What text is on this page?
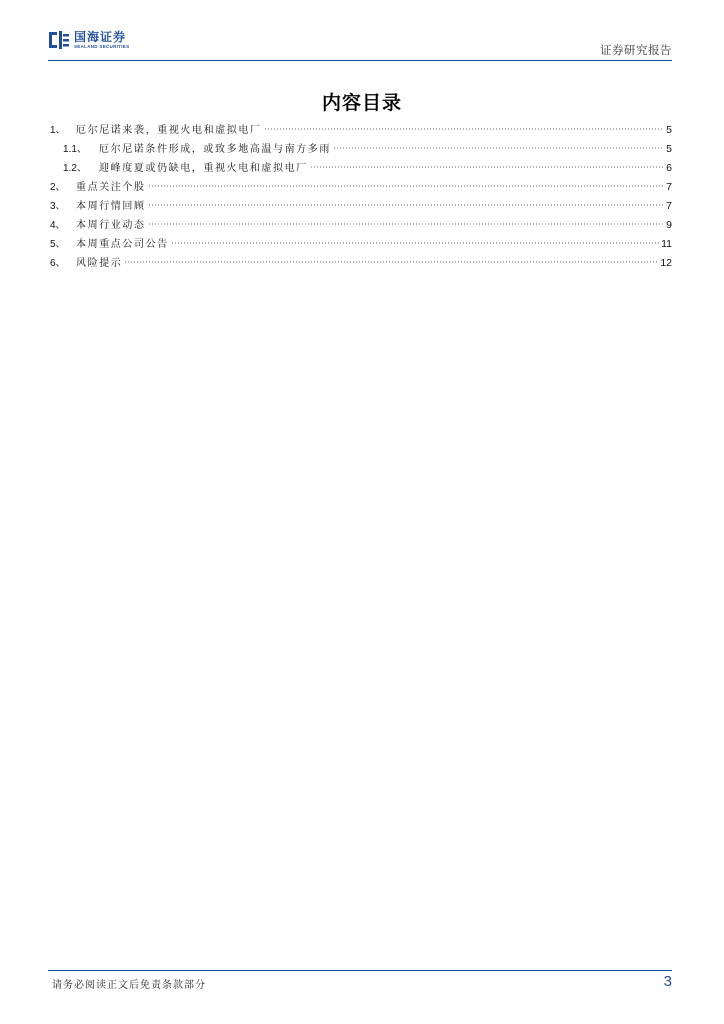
国海证券
SEALAND SECURITIES	证券研究报告
内容目录
1、	厄尔尼诺来袭，重视火电和虚拟电厂	5
1.1、	厄尔尼诺条件形成，或致多地高温与南方多雨	5
1.2、	迎峰度夏或仍缺电，重视火电和虚拟电厂	6
2、	重点关注个股	7
3、	本周行情回顾	7
4、	本周行业动态	9
5、	本周重点公司公告	11
6、	风险提示	12
请务必阅读正文后免责条款部分	3
